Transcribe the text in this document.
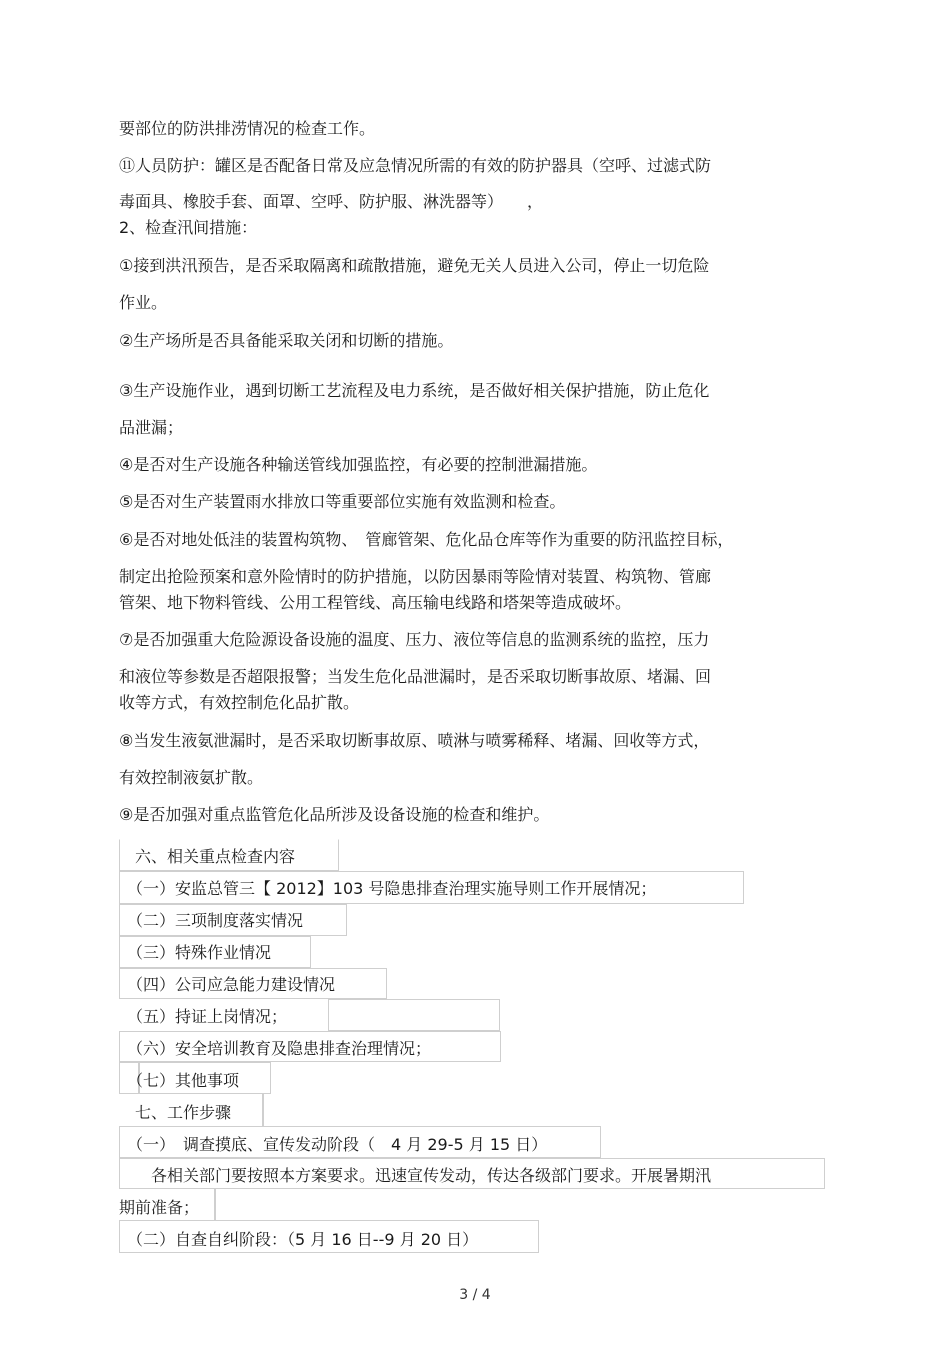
要部位的防洪排涝情况的检查工作。
⑪人员防护：罐区是否配备日常及应急情况所需的有效的防护器具（空呼、过滤式防
毒面具、橡胶手套、面罩、空呼、防护服、淋洗器等）　　，
2、检查汛间措施：
①接到洪汛预告，是否采取隔离和疏散措施，避免无关人员进入公司，停止一切危险
作业。
②生产场所是否具备能采取关闭和切断的措施。
③生产设施作业，遇到切断工艺流程及电力系统，是否做好相关保护措施，防止危化
品泄漏；
④是否对生产设施各种输送管线加强监控，有必要的控制泄漏措施。
⑤是否对生产装置雨水排放口等重要部位实施有效监测和检查。
⑥是否对地处低洼的装置构筑物、　管廊管架、危化品仓库等作为重要的防汛监控目标，
制定出抢险预案和意外险情时的防护措施，以防因暴雨等险情对装置、构筑物、管廊
管架、地下物料管线、公用工程管线、高压输电线路和塔架等造成破坏。
⑦是否加强重大危险源设备设施的温度、压力、液位等信息的监测系统的监控，压力
和液位等参数是否超限报警；当发生危化品泄漏时，是否采取切断事故原、堵漏、回
收等方式，有效控制危化品扩散。
⑧当发生液氨泄漏时，是否采取切断事故原、喷淋与喷雾稀释、堵漏、回收等方式，
有效控制液氨扩散。
⑨是否加强对重点监管危化品所涉及设备设施的检查和维护。
　六、相关重点检查内容
　（一）安监总管三【 2012】103 号隐患排查治理实施导则工作开展情况；
　（二）三项制度落实情况
　（三）特殊作业情况
　（四）公司应急能力建设情况
　（五）持证上岗情况；
　（六）安全培训教育及隐患排查治理情况；
　（七）其他事项
　七、工作步骤
　（一）　调查摸底、宣传发动阶段（　4 月 29-5 月 15 日）
　　各相关部门要按照本方案要求。迅速宣传发动，传达各级部门要求。开展暑期汛
期前准备；
　（二）自查自纠阶段：（5 月 16 日--9 月 20 日）
3 / 4
